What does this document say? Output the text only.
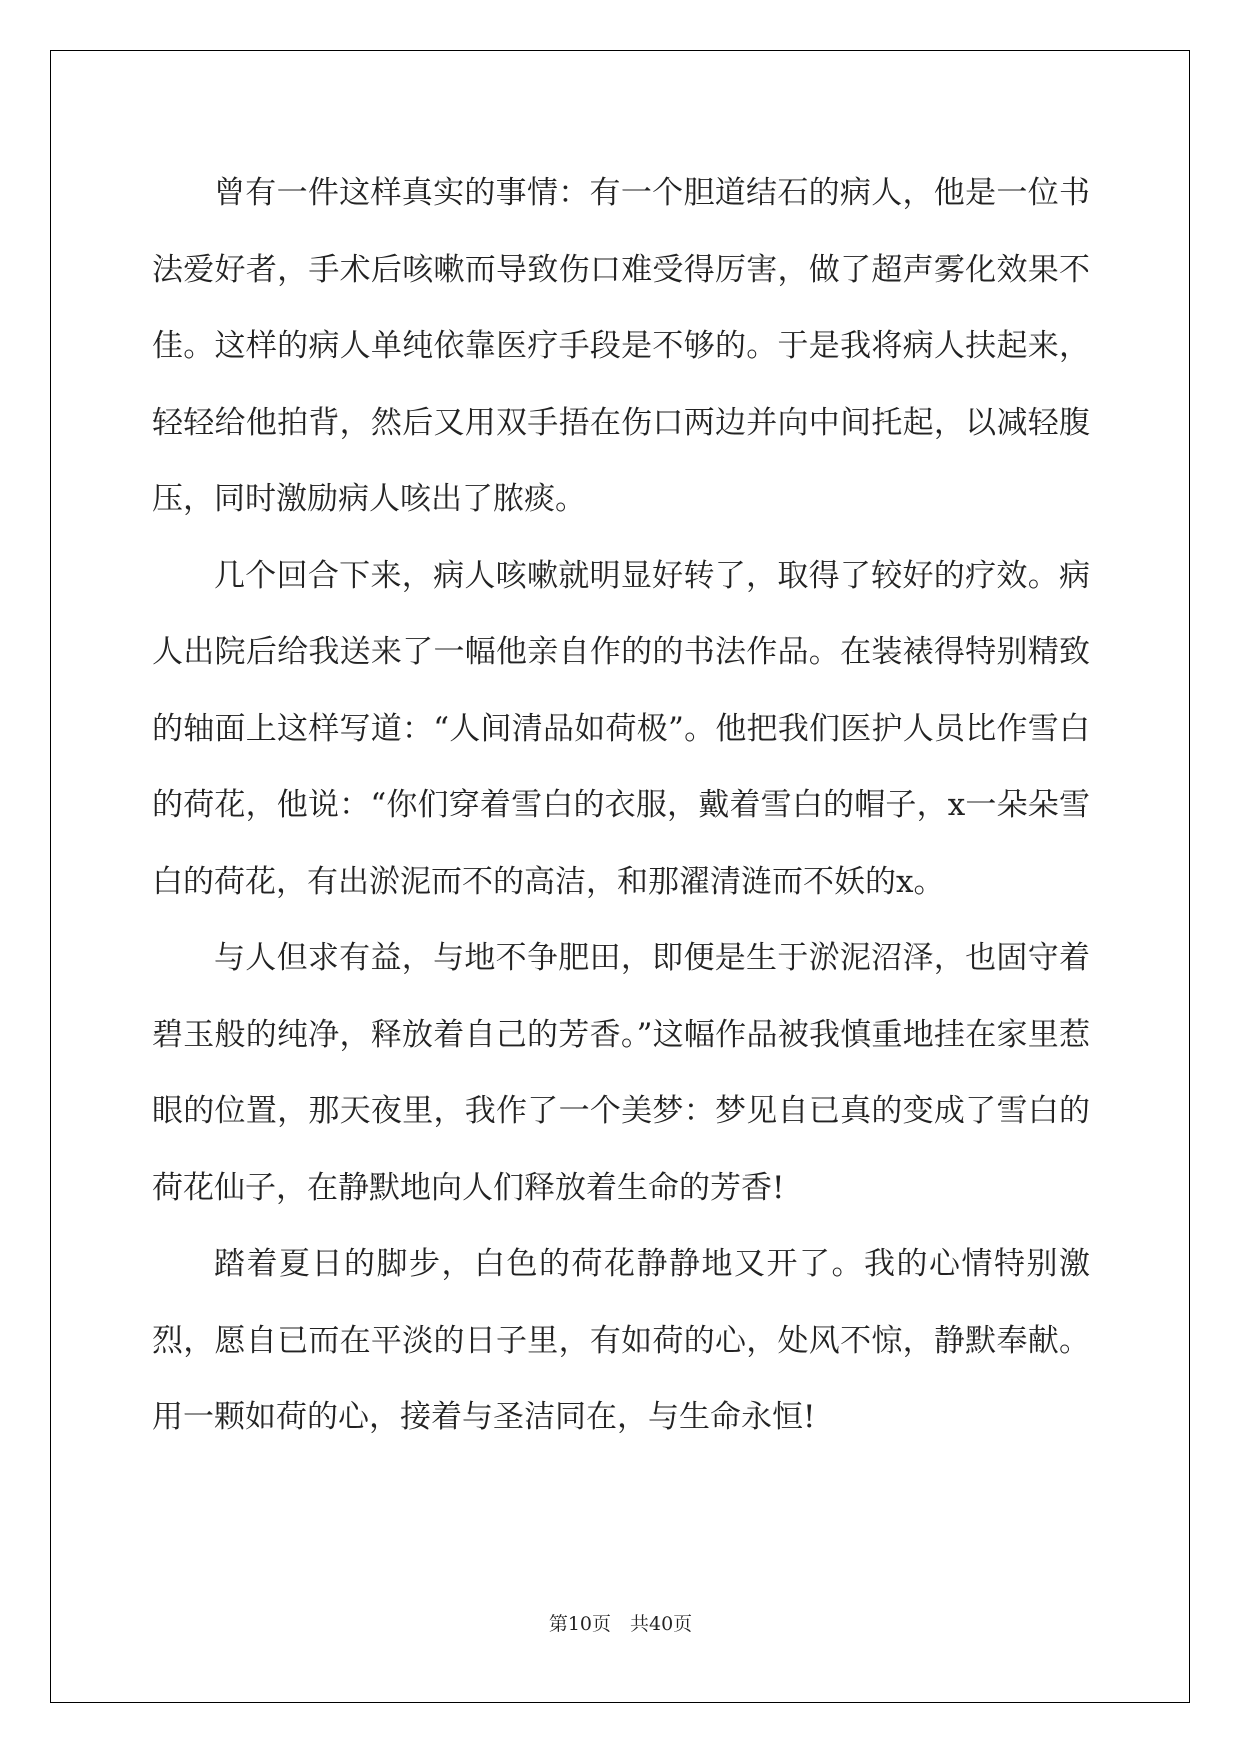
曾有一件这样真实的事情：有一个胆道结石的病人，他是一位书法爱好者，手术后咳嗽而导致伤口难受得厉害，做了超声雾化效果不佳。这样的病人单纯依靠医疗手段是不够的。于是我将病人扶起来，轻轻给他拍背，然后又用双手捂在伤口两边并向中间托起，以减轻腹压，同时激励病人咳出了脓痰。

几个回合下来，病人咳嗽就明显好转了，取得了较好的疗效。病人出院后给我送来了一幅他亲自作的的书法作品。在装裱得特别精致的轴面上这样写道：“人间清品如荷极”。他把我们医护人员比作雪白的荷花，他说：“你们穿着雪白的衣服，戴着雪白的帽子，x一朵朵雪白的荷花，有出淤泥而不的高洁，和那濯清涟而不妖的x。

与人但求有益，与地不争肥田，即便是生于淤泥沼泽，也固守着碧玉般的纯净，释放着自己的芳香。”这幅作品被我慎重地挂在家里惹眼的位置，那天夜里，我作了一个美梦：梦见自已真的变成了雪白的荷花仙子，在静默地向人们释放着生命的芳香!

踏着夏日的脚步，白色的荷花静静地又开了。我的心情特别激烈，愿自已而在平淡的日子里，有如荷的心，处风不惊，静默奉献。用一颗如荷的心，接着与圣洁同在，与生命永恒!

第10页　共40页
